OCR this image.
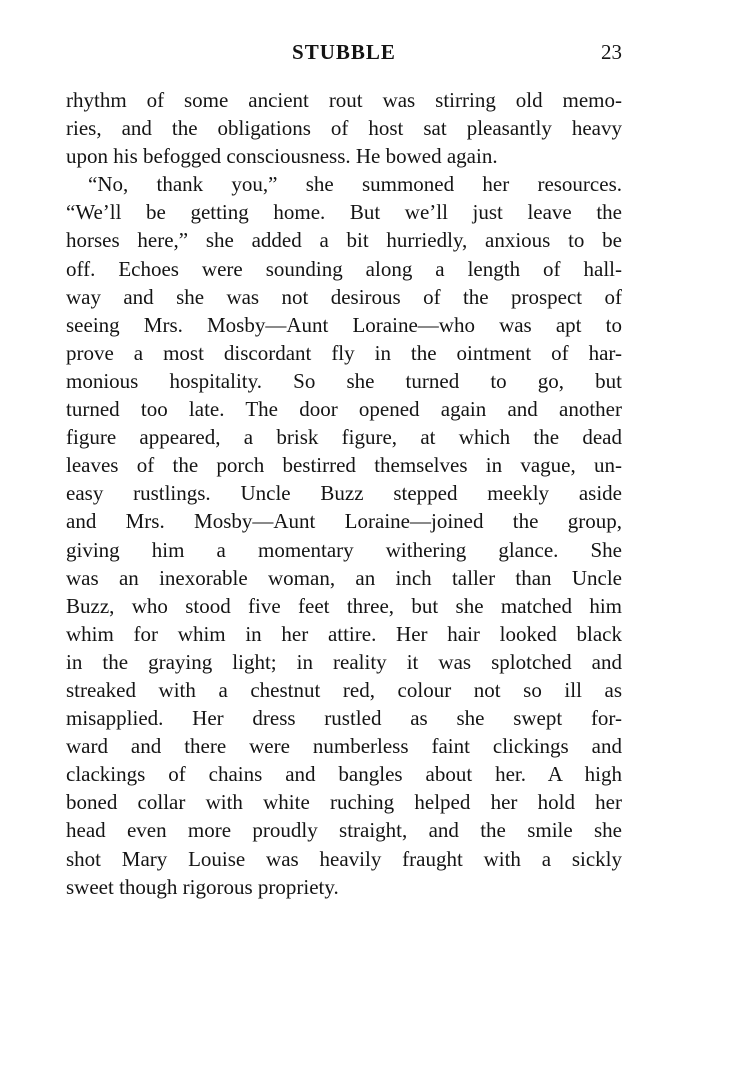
STUBBLE	23
rhythm of some ancient rout was stirring old memo-
ries, and the obligations of host sat pleasantly heavy
upon his befogged consciousness. He bowed again.
“No, thank you,” she summoned her resources.
“We’ll be getting home. But we’ll just leave the
horses here,” she added a bit hurriedly, anxious to be
off. Echoes were sounding along a length of hall-
way and she was not desirous of the prospect of
seeing Mrs. Mosby—Aunt Loraine—who was apt to
prove a most discordant fly in the ointment of har-
monious hospitality. So she turned to go, but
turned too late. The door opened again and another
figure appeared, a brisk figure, at which the dead
leaves of the porch bestirred themselves in vague, un-
easy rustlings. Uncle Buzz stepped meekly aside
and Mrs. Mosby—Aunt Loraine—joined the group,
giving him a momentary withering glance. She
was an inexorable woman, an inch taller than Uncle
Buzz, who stood five feet three, but she matched him
whim for whim in her attire. Her hair looked black
in the graying light; in reality it was splotched and
streaked with a chestnut red, colour not so ill as
misapplied. Her dress rustled as she swept for-
ward and there were numberless faint clickings and
clackings of chains and bangles about her. A high
boned collar with white ruching helped her hold her
head even more proudly straight, and the smile she
shot Mary Louise was heavily fraught with a sickly
sweet though rigorous propriety.
